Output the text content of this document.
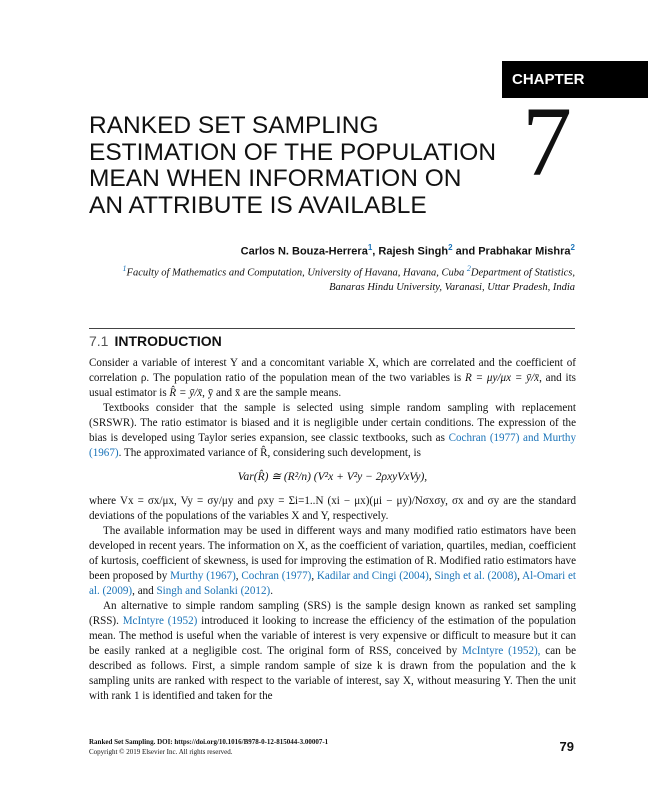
CHAPTER
RANKED SET SAMPLING
ESTIMATION OF THE POPULATION
MEAN WHEN INFORMATION ON
AN ATTRIBUTE IS AVAILABLE
7
Carlos N. Bouza-Herrera$^1$, Rajesh Singh$^2$ and Prabhakar Mishra$^2$
$^1$Faculty of Mathematics and Computation, University of Havana, Havana, Cuba $^2$Department of Statistics, Banaras Hindu University, Varanasi, Uttar Pradesh, India
7.1 INTRODUCTION

Consider a variable of interest Y and a concomitant variable X, which are correlated and the coefficient of correlation ρ. The population ratio of the population mean of the two variables is R = μy/μx = ȳ/x̄, and its usual estimator is R̂ = ȳ/x̄, ȳ and x̄ are the sample means.

Textbooks consider that the sample is selected using simple random sampling with replacement (SRSWR). The ratio estimator is biased and it is negligible under certain conditions. The expression of the bias is developed using Taylor series expansion, see classic textbooks, such as Cochran (1977) and Murthy (1967). The approximated variance of R̂, considering such development, is

Var(R̂) ≅ (R²/n) (V²x + V²y − 2ρxyVxVy),

where Vx = σx/μx, Vy = σy/μy and ρxy = Σi=1..N (xi − μx)(μi − μy)/Nσxσy, σx and σy are the standard deviations of the populations of the variables X and Y, respectively.

The available information may be used in different ways and many modified ratio estimators have been developed in recent years. The information on X, as the coefficient of variation, quartiles, median, coefficient of kurtosis, coefficient of skewness, is used for improving the estimation of R. Modified ratio estimators have been proposed by Murthy (1967), Cochran (1977), Kadilar and Cingi (2004), Singh et al. (2008), Al-Omari et al. (2009), and Singh and Solanki (2012).

An alternative to simple random sampling (SRS) is the sample design known as ranked set sampling (RSS). McIntyre (1952) introduced it looking to increase the efficiency of the estimation of the population mean. The method is useful when the variable of interest is very expensive or difficult to measure but it can be easily ranked at a negligible cost. The original form of RSS, conceived by McIntyre (1952), can be described as follows. First, a simple random sample of size k is drawn from the population and the k sampling units are ranked with respect to the variable of interest, say X, without measuring Y. Then the unit with rank 1 is identified and taken for the

Ranked Set Sampling. DOI: https://doi.org/10.1016/B978-0-12-815044-3.00007-1
Copyright © 2019 Elsevier Inc. All rights reserved.	79
